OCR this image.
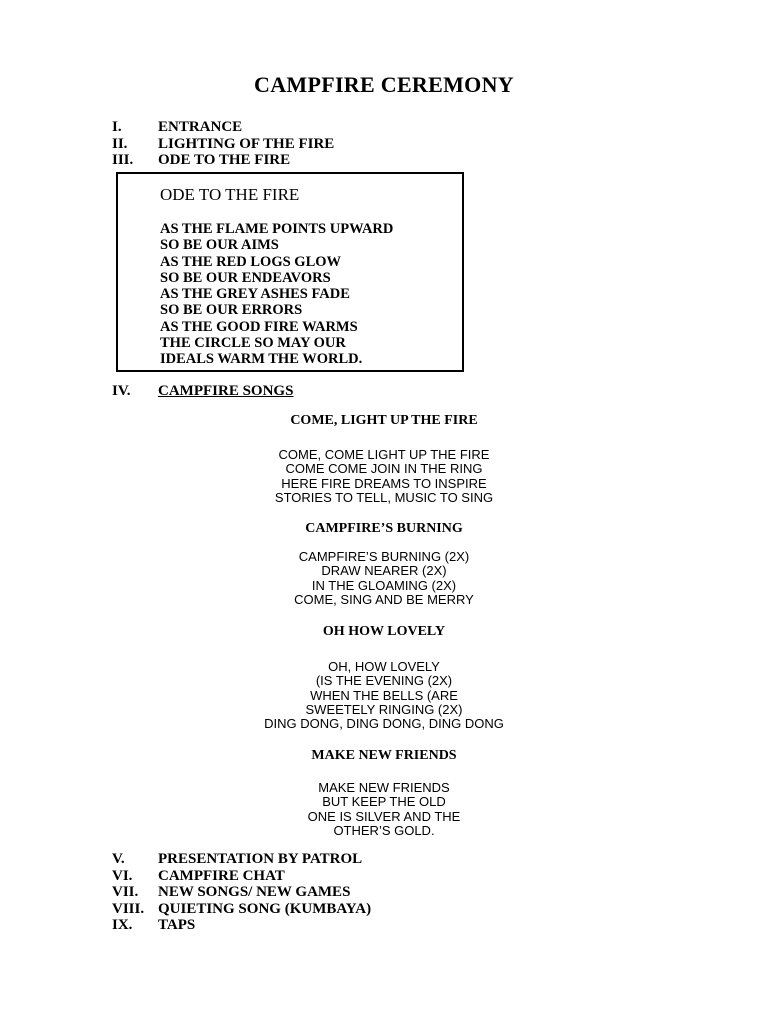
CAMPFIRE CEREMONY
I.	ENTRANCE
II.	LIGHTING OF THE FIRE
III.	ODE TO THE FIRE
ODE TO THE FIRE
AS THE FLAME POINTS UPWARD
SO BE OUR AIMS
AS THE RED LOGS GLOW
SO BE OUR ENDEAVORS
AS THE GREY ASHES FADE
SO BE OUR ERRORS
AS THE GOOD FIRE WARMS
THE CIRCLE SO MAY OUR
IDEALS WARM THE WORLD.
IV.	CAMPFIRE SONGS
COME, LIGHT UP THE FIRE
COME, COME LIGHT UP THE FIRE
COME COME JOIN IN THE RING
HERE FIRE DREAMS TO INSPIRE
STORIES TO TELL, MUSIC TO SING
CAMPFIRE’S BURNING
CAMPFIRE’S BURNING (2X)
DRAW NEARER (2X)
IN THE GLOAMING (2X)
COME, SING AND BE MERRY
OH HOW LOVELY
OH, HOW LOVELY
(IS THE EVENING (2X)
WHEN THE BELLS (ARE
SWEETELY RINGING (2X)
DING DONG, DING DONG, DING DONG
MAKE NEW FRIENDS
MAKE NEW FRIENDS
BUT KEEP THE OLD
ONE IS SILVER AND THE
OTHER’S GOLD.
V.	PRESENTATION BY PATROL
VI.	CAMPFIRE CHAT
VII.	NEW SONGS/ NEW GAMES
VIII. QUIETING SONG (KUMBAYA)
IX.	TAPS
